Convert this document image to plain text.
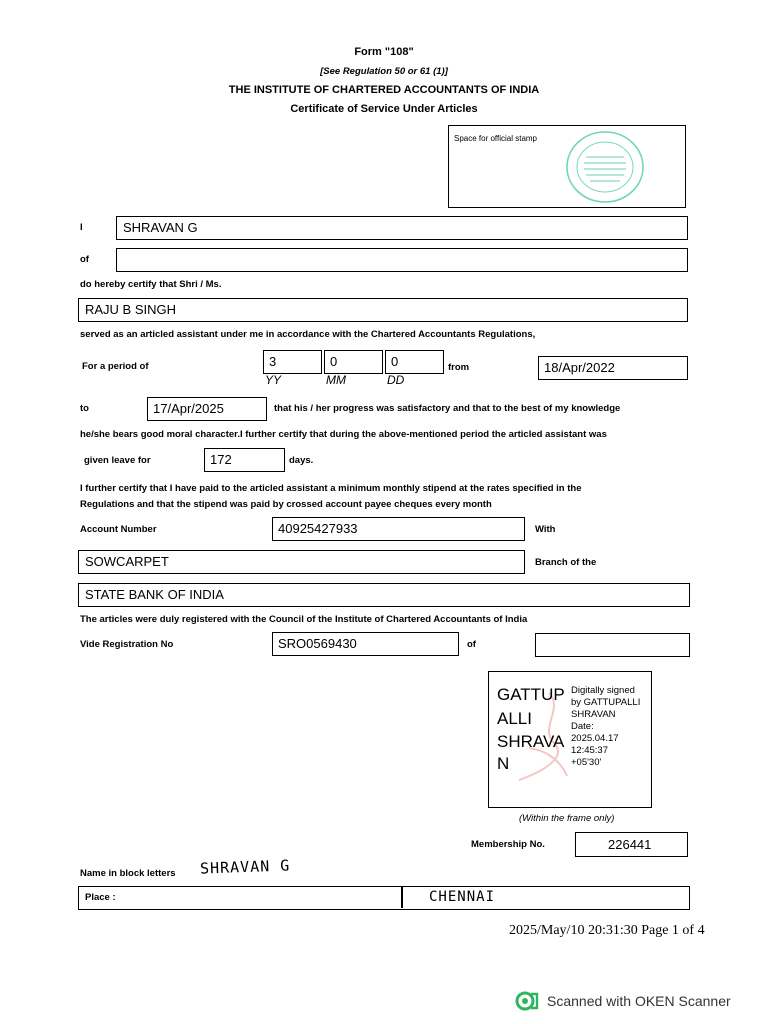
Form "108"
[See Regulation 50 or 61 (1)]
THE INSTITUTE OF CHARTERED ACCOUNTANTS OF INDIA
Certificate of Service Under Articles
Space for official stamp
I	SHRAVAN G
of
do hereby certify that Shri / Ms.
RAJU B SINGH
served as an articled assistant under me in accordance with the Chartered Accountants Regulations,
For a period of	3	0	0
YY	MM	DD
from	18/Apr/2022
to	17/Apr/2025	that his / her progress was satisfactory and that to the best of my knowledge
he/she bears good moral character.I further certify that during the above-mentioned period the articled assistant was
given leave for	172	days.
I further certify that I have paid to the articled assistant a minimum monthly stipend at the rates specified in the
Regulations and that the stipend was paid by crossed account payee cheques every month
Account Number	40925427933	With
SOWCARPET	Branch of the
STATE BANK OF INDIA
The articles were duly registered with the Council of the Institute of Chartered Accountants of India
Vide Registration No	SRO0569430	of
GATTUP
ALLI
SHRAVA
N
Digitally signed
by GATTUPALLI
SHRAVAN
Date:
2025.04.17
12:45:37
+05'30'
(Within the frame only)
Membership No.	226441
Name in block letters SHRAVAN G
Place :	CHENNAI
2025/May/10 20:31:30 Page 1 of 4
Scanned with OKEN Scanner
